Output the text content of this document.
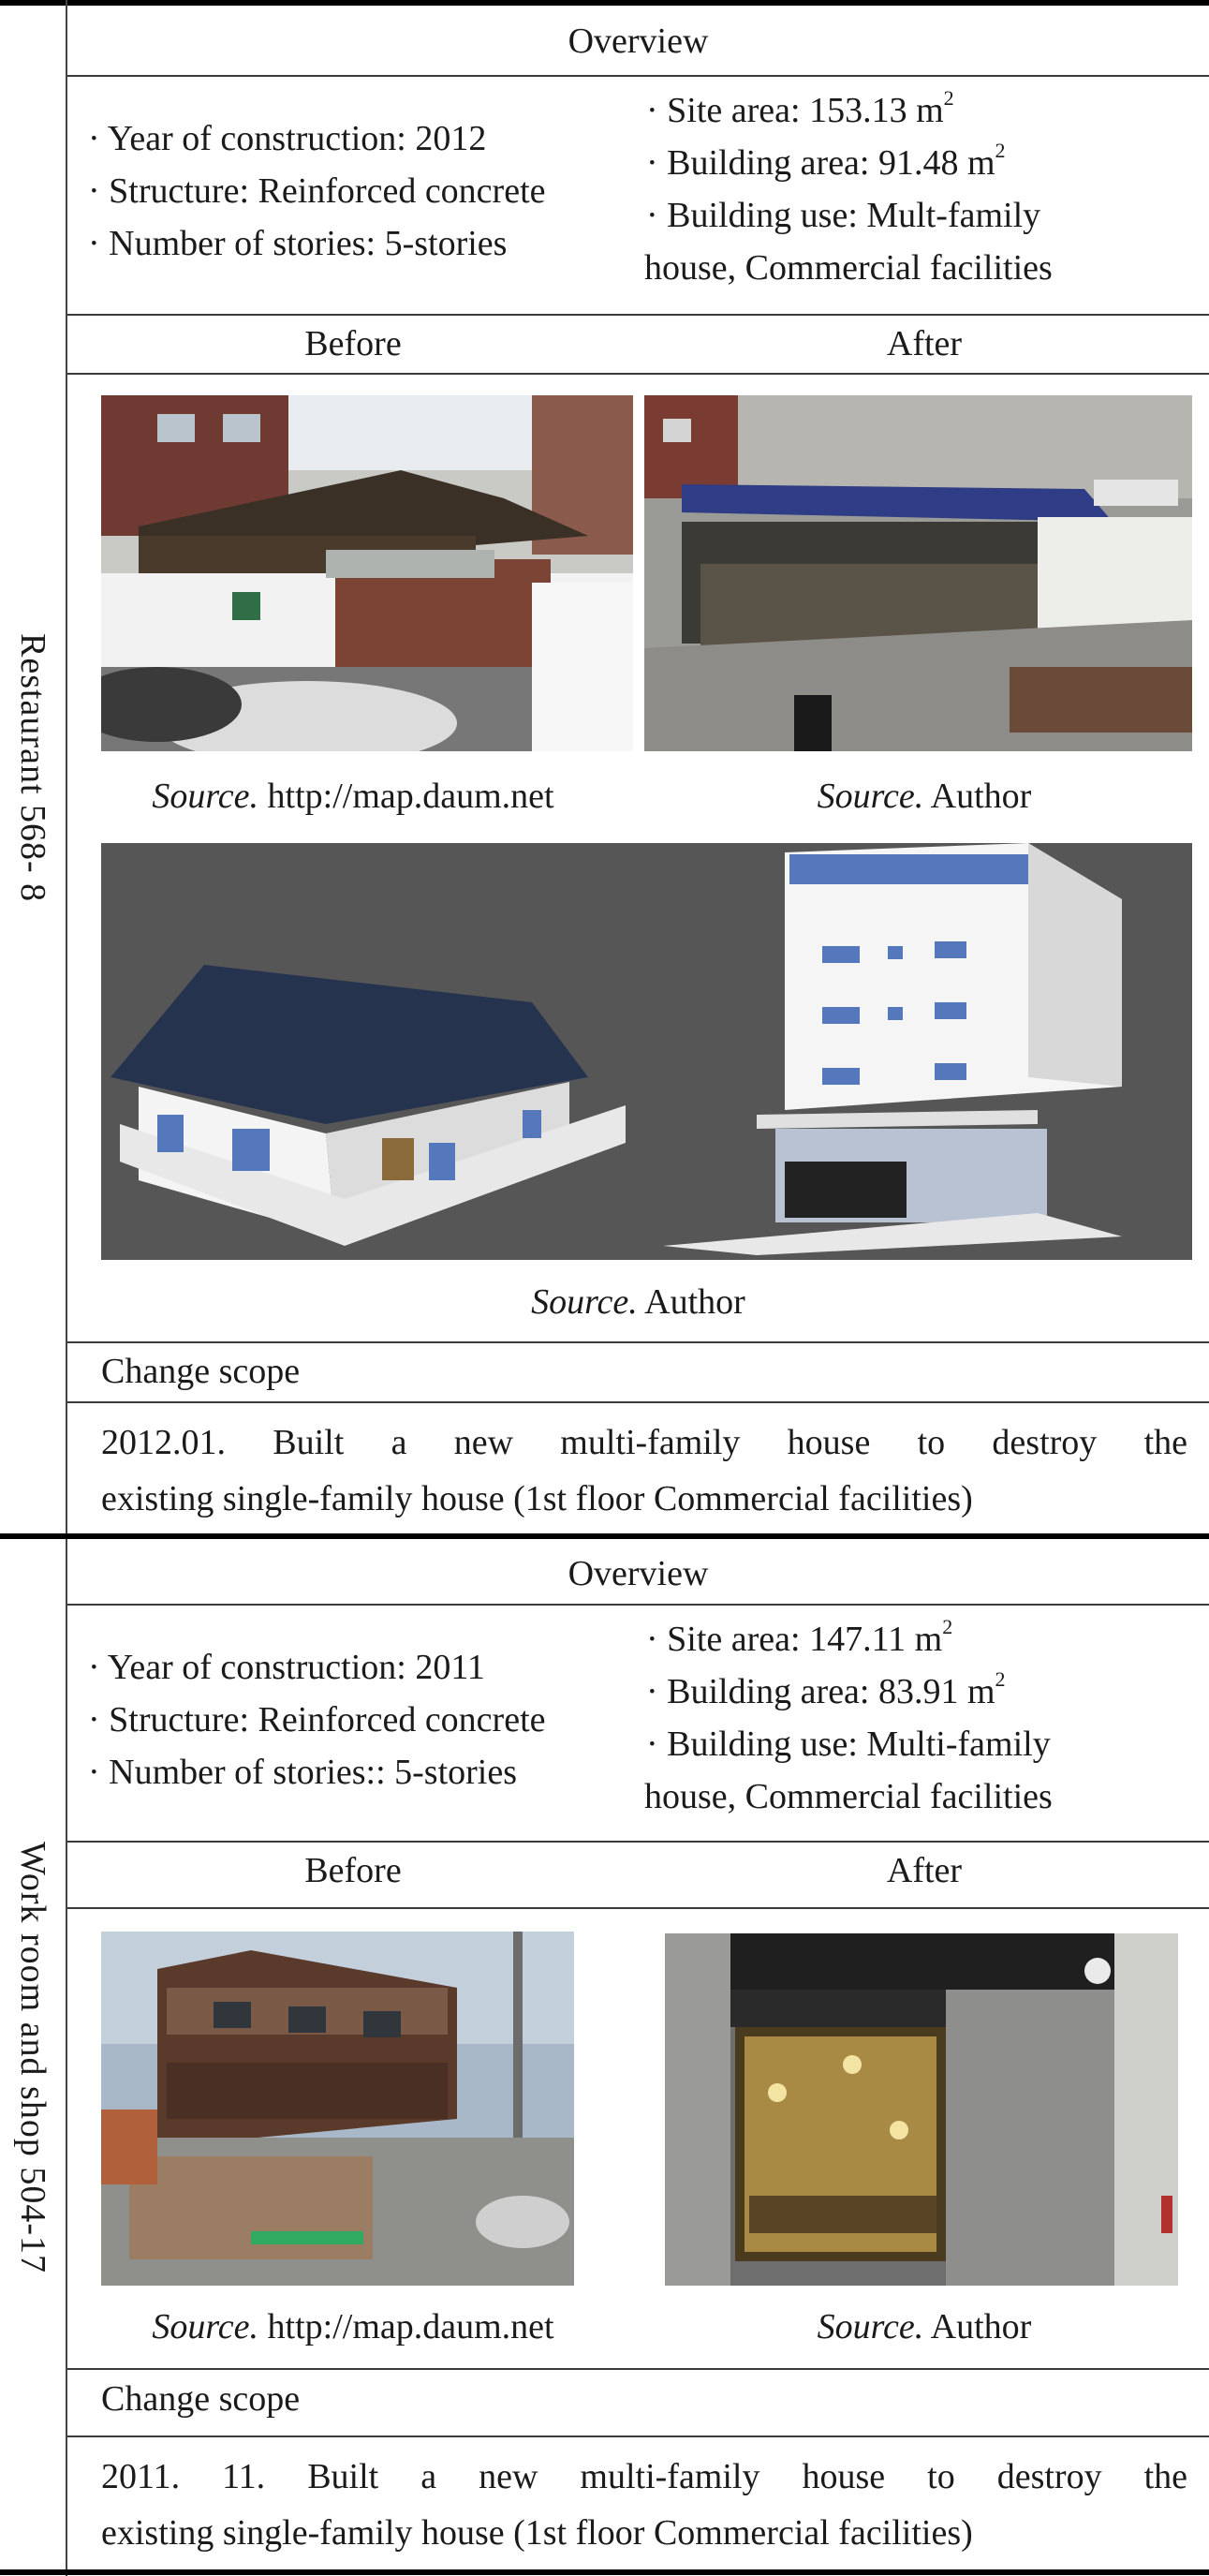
Restaurant 568- 8
Overview
· Year of construction: 2012
· Structure: Reinforced concrete
· Number of stories: 5-stories
· Site area: 153.13 $m^2$
· Building area: 91.48 $m^2$
· Building use: Mult-family
house, Commercial facilities
Before	After
Source. http://map.daum.net	Source. Author
Source. Author
Change scope
2012.01. Built a new multi-family house to destroy the
existing single-family house (1st floor Commercial facilities)
Work room and shop 504-17
Overview
· Year of construction: 2011
· Structure: Reinforced concrete
· Number of stories:: 5-stories
· Site area: 147.11 $m^2$
· Building area: 83.91 $m^2$
· Building use: Multi-family
house, Commercial facilities
Before	After
Source. http://map.daum.net	Source. Author
Change scope
2011. 11. Built a new multi-family house to destroy the
existing single-family house (1st floor Commercial facilities)
